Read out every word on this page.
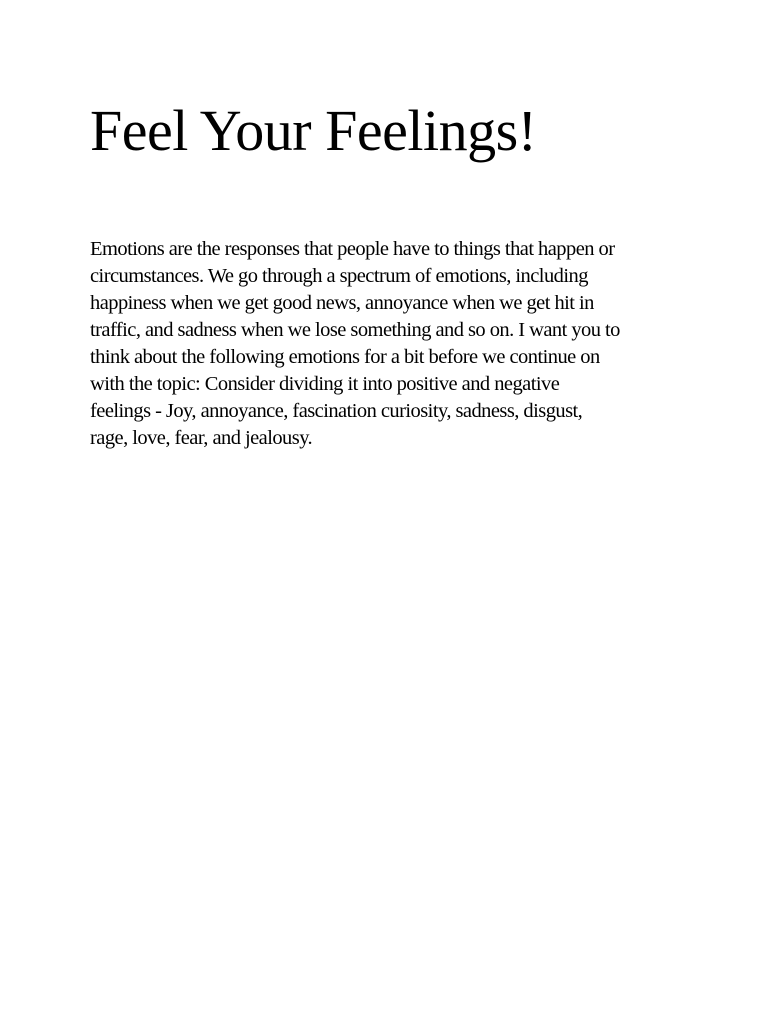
Feel Your Feelings!

Emotions are the responses that people have to things that happen or
circumstances. We go through a spectrum of emotions, including
happiness when we get good news, annoyance when we get hit in
traffic, and sadness when we lose something and so on. I want you to
think about the following emotions for a bit before we continue on
with the topic: Consider dividing it into positive and negative
feelings - Joy, annoyance, fascination curiosity, sadness, disgust,
rage, love, fear, and jealousy.
